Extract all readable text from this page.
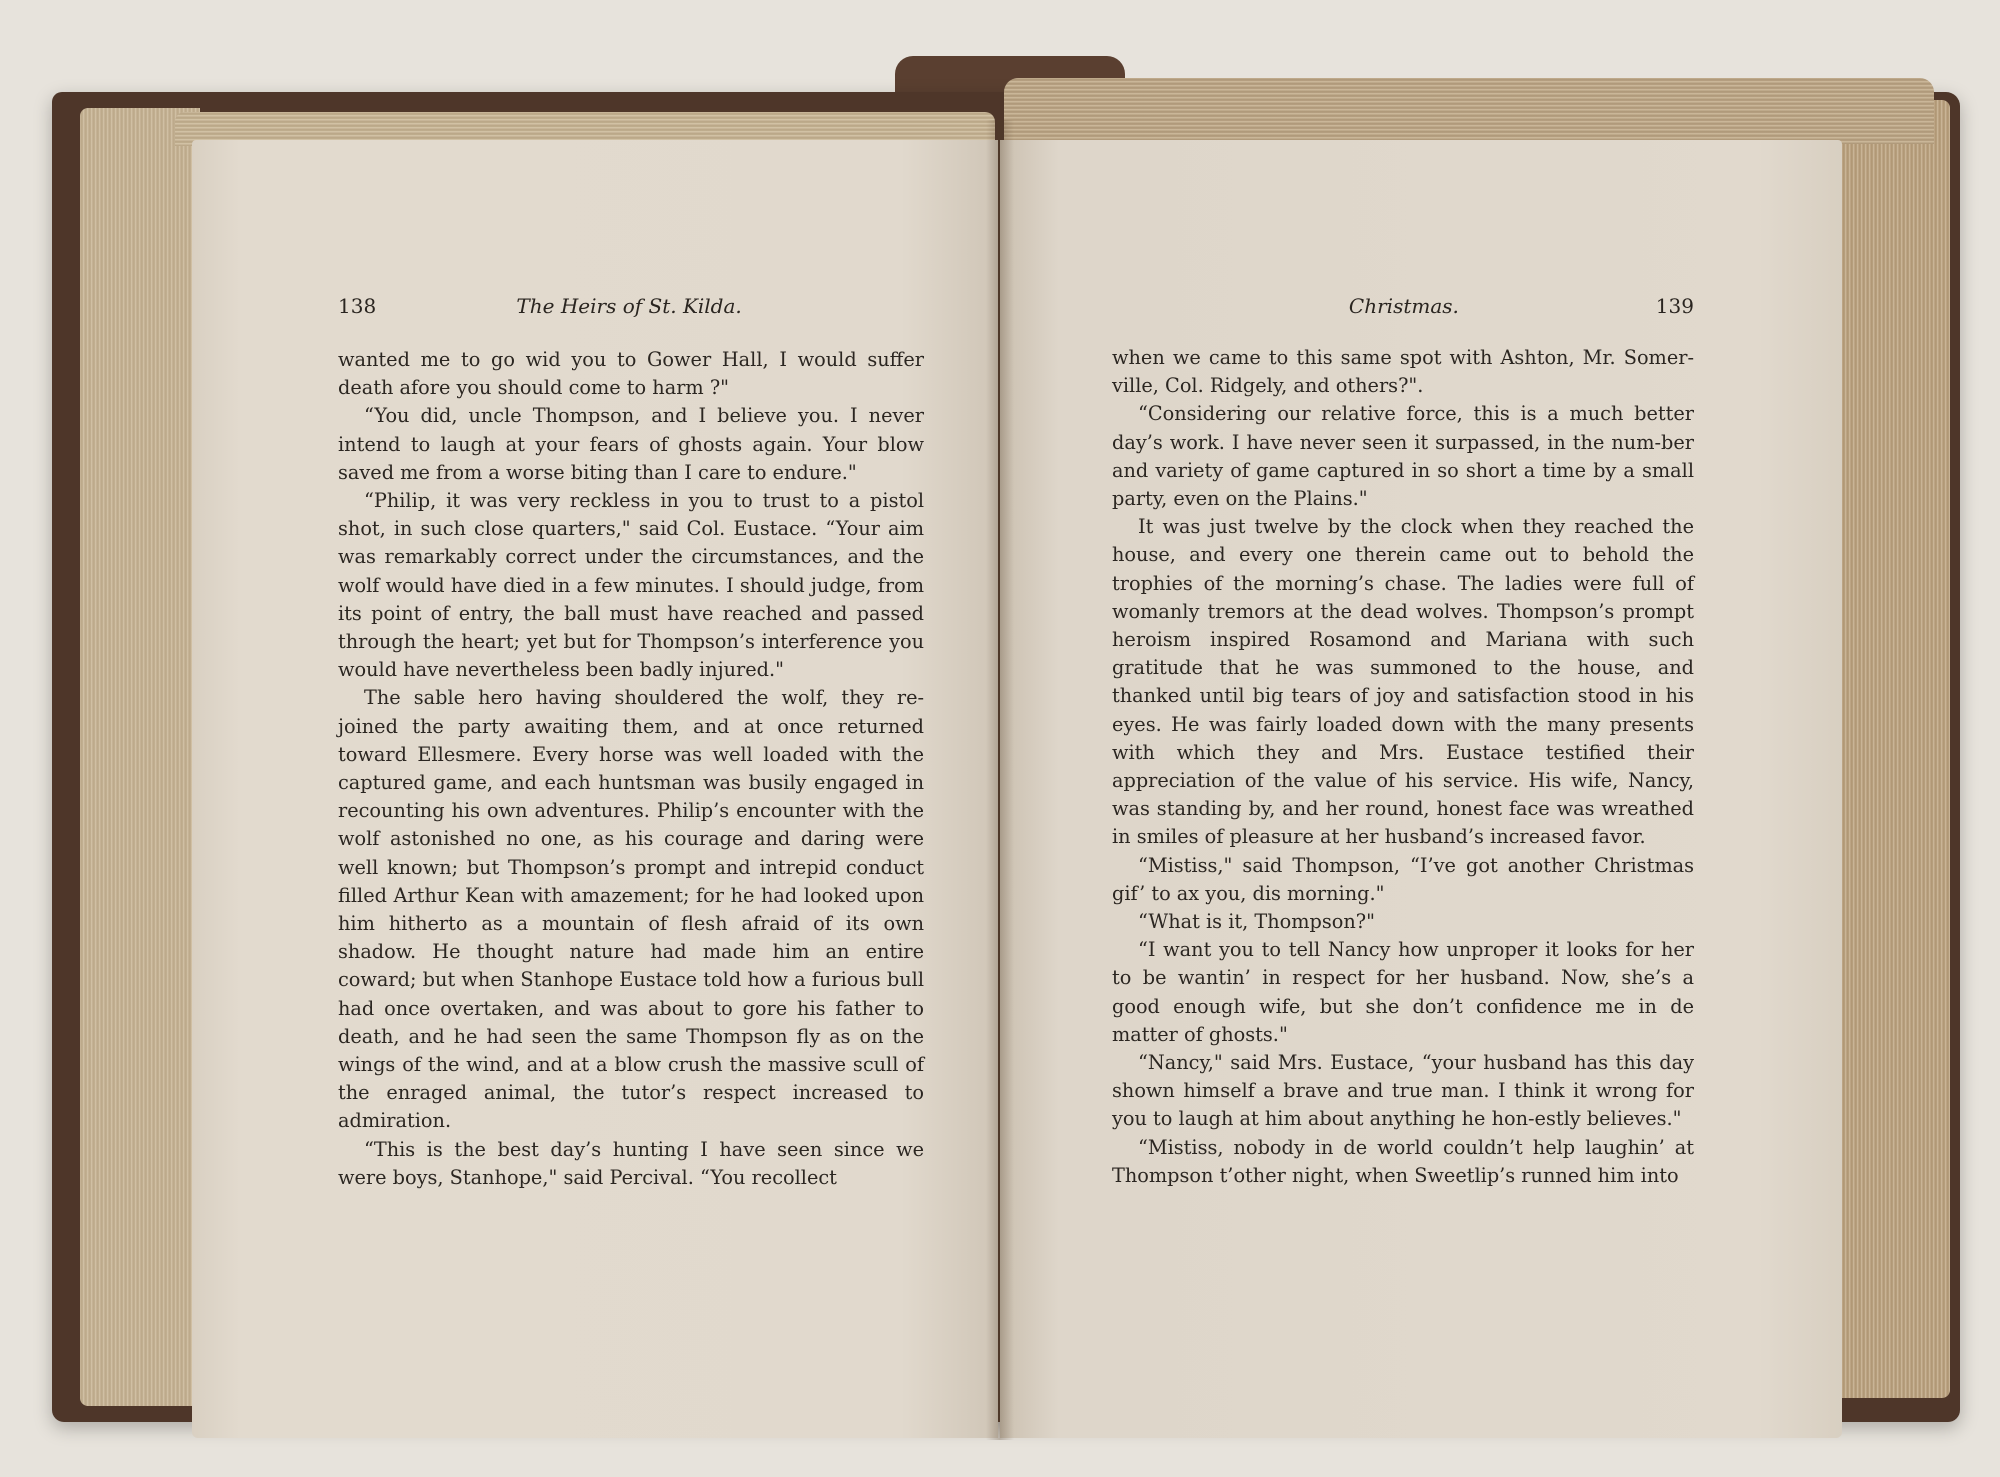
138	The Heirs of St. Kilda.	Christmas.	139

wanted me to go wid you to Gower Hall, I would suffer death afore you should come to harm ?"

“You did, uncle Thompson, and I believe you. I never intend to laugh at your fears of ghosts again. Your blow saved me from a worse biting than I care to endure."

“Philip, it was very reckless in you to trust to a pistol shot, in such close quarters," said Col. Eustace. “Your aim was remarkably correct under the circumstances, and the wolf would have died in a few minutes. I should judge, from its point of entry, the ball must have reached and passed through the heart; yet but for Thompson’s interference you would have nevertheless been badly injured."

The sable hero having shouldered the wolf, they re-joined the party awaiting them, and at once returned toward Ellesmere. Every horse was well loaded with the captured game, and each huntsman was busily engaged in recounting his own adventures. Philip’s encounter with the wolf astonished no one, as his courage and daring were well known; but Thompson’s prompt and intrepid conduct filled Arthur Kean with amazement; for he had looked upon him hitherto as a mountain of flesh afraid of its own shadow. He thought nature had made him an entire coward; but when Stanhope Eustace told how a furious bull had once overtaken, and was about to gore his father to death, and he had seen the same Thompson fly as on the wings of the wind, and at a blow crush the massive scull of the enraged animal, the tutor’s respect increased to admiration.

“This is the best day’s hunting I have seen since we were boys, Stanhope," said Percival. “You recollect

when we came to this same spot with Ashton, Mr. Somer-ville, Col. Ridgely, and others?".

“Considering our relative force, this is a much better day’s work. I have never seen it surpassed, in the num-ber and variety of game captured in so short a time by a small party, even on the Plains."

It was just twelve by the clock when they reached the house, and every one therein came out to behold the trophies of the morning’s chase. The ladies were full of womanly tremors at the dead wolves. Thompson’s prompt heroism inspired Rosamond and Mariana with such gratitude that he was summoned to the house, and thanked until big tears of joy and satisfaction stood in his eyes. He was fairly loaded down with the many presents with which they and Mrs. Eustace testified their appreciation of the value of his service. His wife, Nancy, was standing by, and her round, honest face was wreathed in smiles of pleasure at her husband’s increased favor.

“Mistiss," said Thompson, “I’ve got another Christmas gif’ to ax you, dis morning."

“What is it, Thompson?"

“I want you to tell Nancy how unproper it looks for her to be wantin’ in respect for her husband. Now, she’s a good enough wife, but she don’t confidence me in de matter of ghosts."

“Nancy," said Mrs. Eustace, “your husband has this day shown himself a brave and true man. I think it wrong for you to laugh at him about anything he hon-estly believes."

“Mistiss, nobody in de world couldn’t help laughin’ at Thompson t’other night, when Sweetlip’s runned him into
